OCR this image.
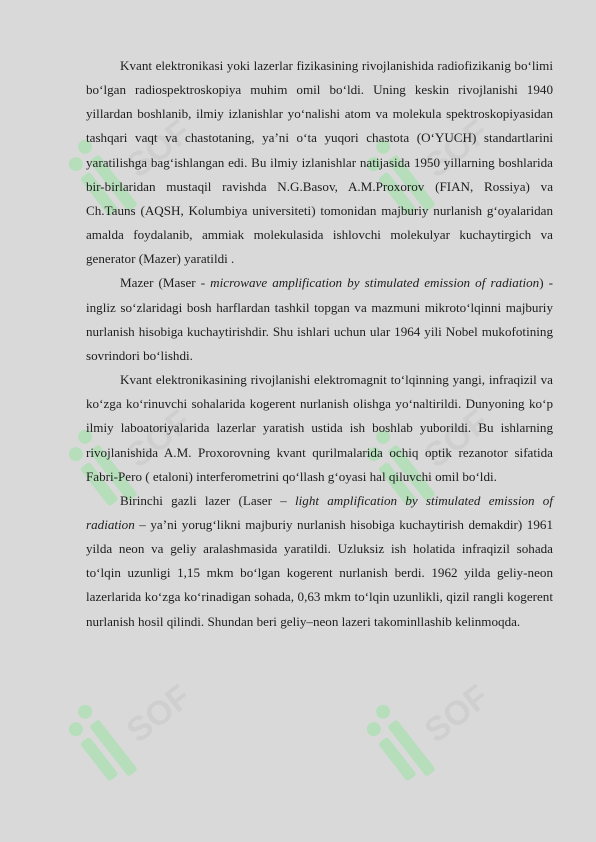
SOFT	SOFT
SOFT	SOFT
SOFT	SOFT

Kvant elektronikasi yoki lazerlar fizikasining rivojlanishida radiofizikanig bo‘limi bo‘lgan radiospektroskopiya muhim omil bo‘ldi. Uning keskin rivojlanishi 1940 yillardan boshlanib, ilmiy izlanishlar yo‘nalishi atom va molekula spektroskopiyasidan tashqari vaqt va chastotaning, ya’ni o‘ta yuqori chastota (O‘YUCH) standartlarini yaratilishga bag‘ishlangan edi. Bu ilmiy izlanishlar natijasida 1950 yillarning boshlarida bir-birlaridan mustaqil ravishda N.G.Basov, A.M.Proxorov (FIAN, Rossiya) va Ch.Tauns (AQSH, Kolumbiya universiteti) tomonidan majburiy nurlanish g‘oyalaridan amalda foydalanib, ammiak molekulasida ishlovchi molekulyar kuchaytirgich va generator (Mazer) yaratildi .

Mazer (Maser - microwave amplification by stimulated emission of radiation) - ingliz so‘zlaridagi bosh harflardan tashkil topgan va mazmuni mikroto‘lqinni majburiy nurlanish hisobiga kuchaytirishdir. Shu ishlari uchun ular 1964 yili Nobel mukofotining sovrindori bo‘lishdi.

Kvant elektronikasining rivojlanishi elektromagnit to‘lqinning yangi, infraqizil va ko‘zga ko‘rinuvchi sohalarida kogerent nurlanish olishga yo‘naltirildi. Dunyoning ko‘p ilmiy laboatoriyalarida lazerlar yaratish ustida ish boshlab yuborildi. Bu ishlarning rivojlanishida A.M. Proxorovning kvant qurilmalarida ochiq optik rezanotor sifatida Fabri-Pero ( etaloni) interferometrini qo‘llash g‘oyasi hal qiluvchi omil bo‘ldi.

Birinchi gazli lazer (Laser – light amplification by stimulated emission of radiation – ya’ni yorug‘likni majburiy nurlanish hisobiga kuchaytirish demakdir) 1961 yilda neon va geliy aralashmasida yaratildi. Uzluksiz ish holatida infraqizil sohada to‘lqin uzunligi 1,15 mkm bo‘lgan kogerent nurlanish berdi. 1962 yilda geliy-neon lazerlarida ko‘zga ko‘rinadigan sohada, 0,63 mkm to‘lqin uzunlikli, qizil rangli kogerent nurlanish hosil qilindi. Shundan beri geliy–neon lazeri takominllashib kelinmoqda.
